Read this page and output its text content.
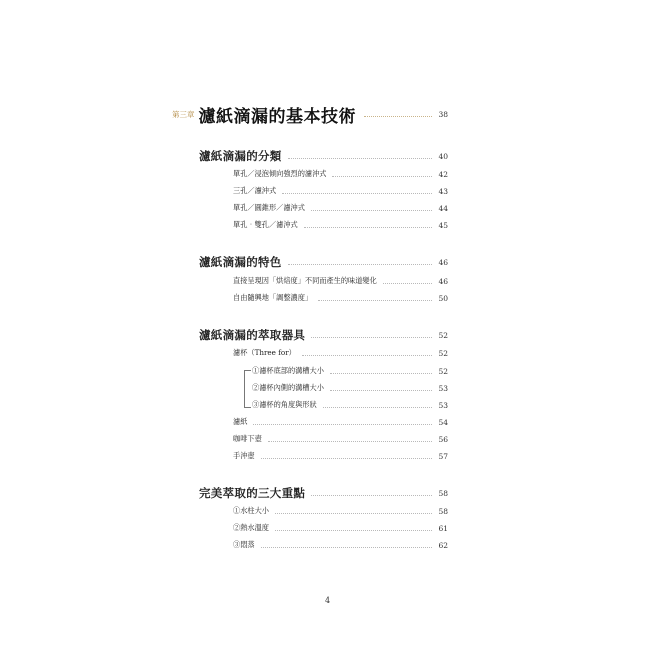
第三章 濾紙滴漏的基本技術	38
濾紙滴漏的分類	40
單孔／浸泡傾向強烈的濾沖式	42
三孔／濾沖式	43
單孔／圓錐形／濾沖式	44
單孔‧雙孔／濾沖式	45
濾紙滴漏的特色	46
直接呈現因「烘焙度」不同而產生的味道變化	46
自由隨興地「調整濃度」	50
濾紙滴漏的萃取器具	52
濾杯（Three for）	52
①濾杯底部的溝槽大小	52
②濾杯內側的溝槽大小	53
③濾杯的角度與形狀	53
濾紙	54
咖啡下壺	56
手沖壺	57
完美萃取的三大重點	58
①水柱大小	58
②熱水溫度	61
③悶蒸	62
4
